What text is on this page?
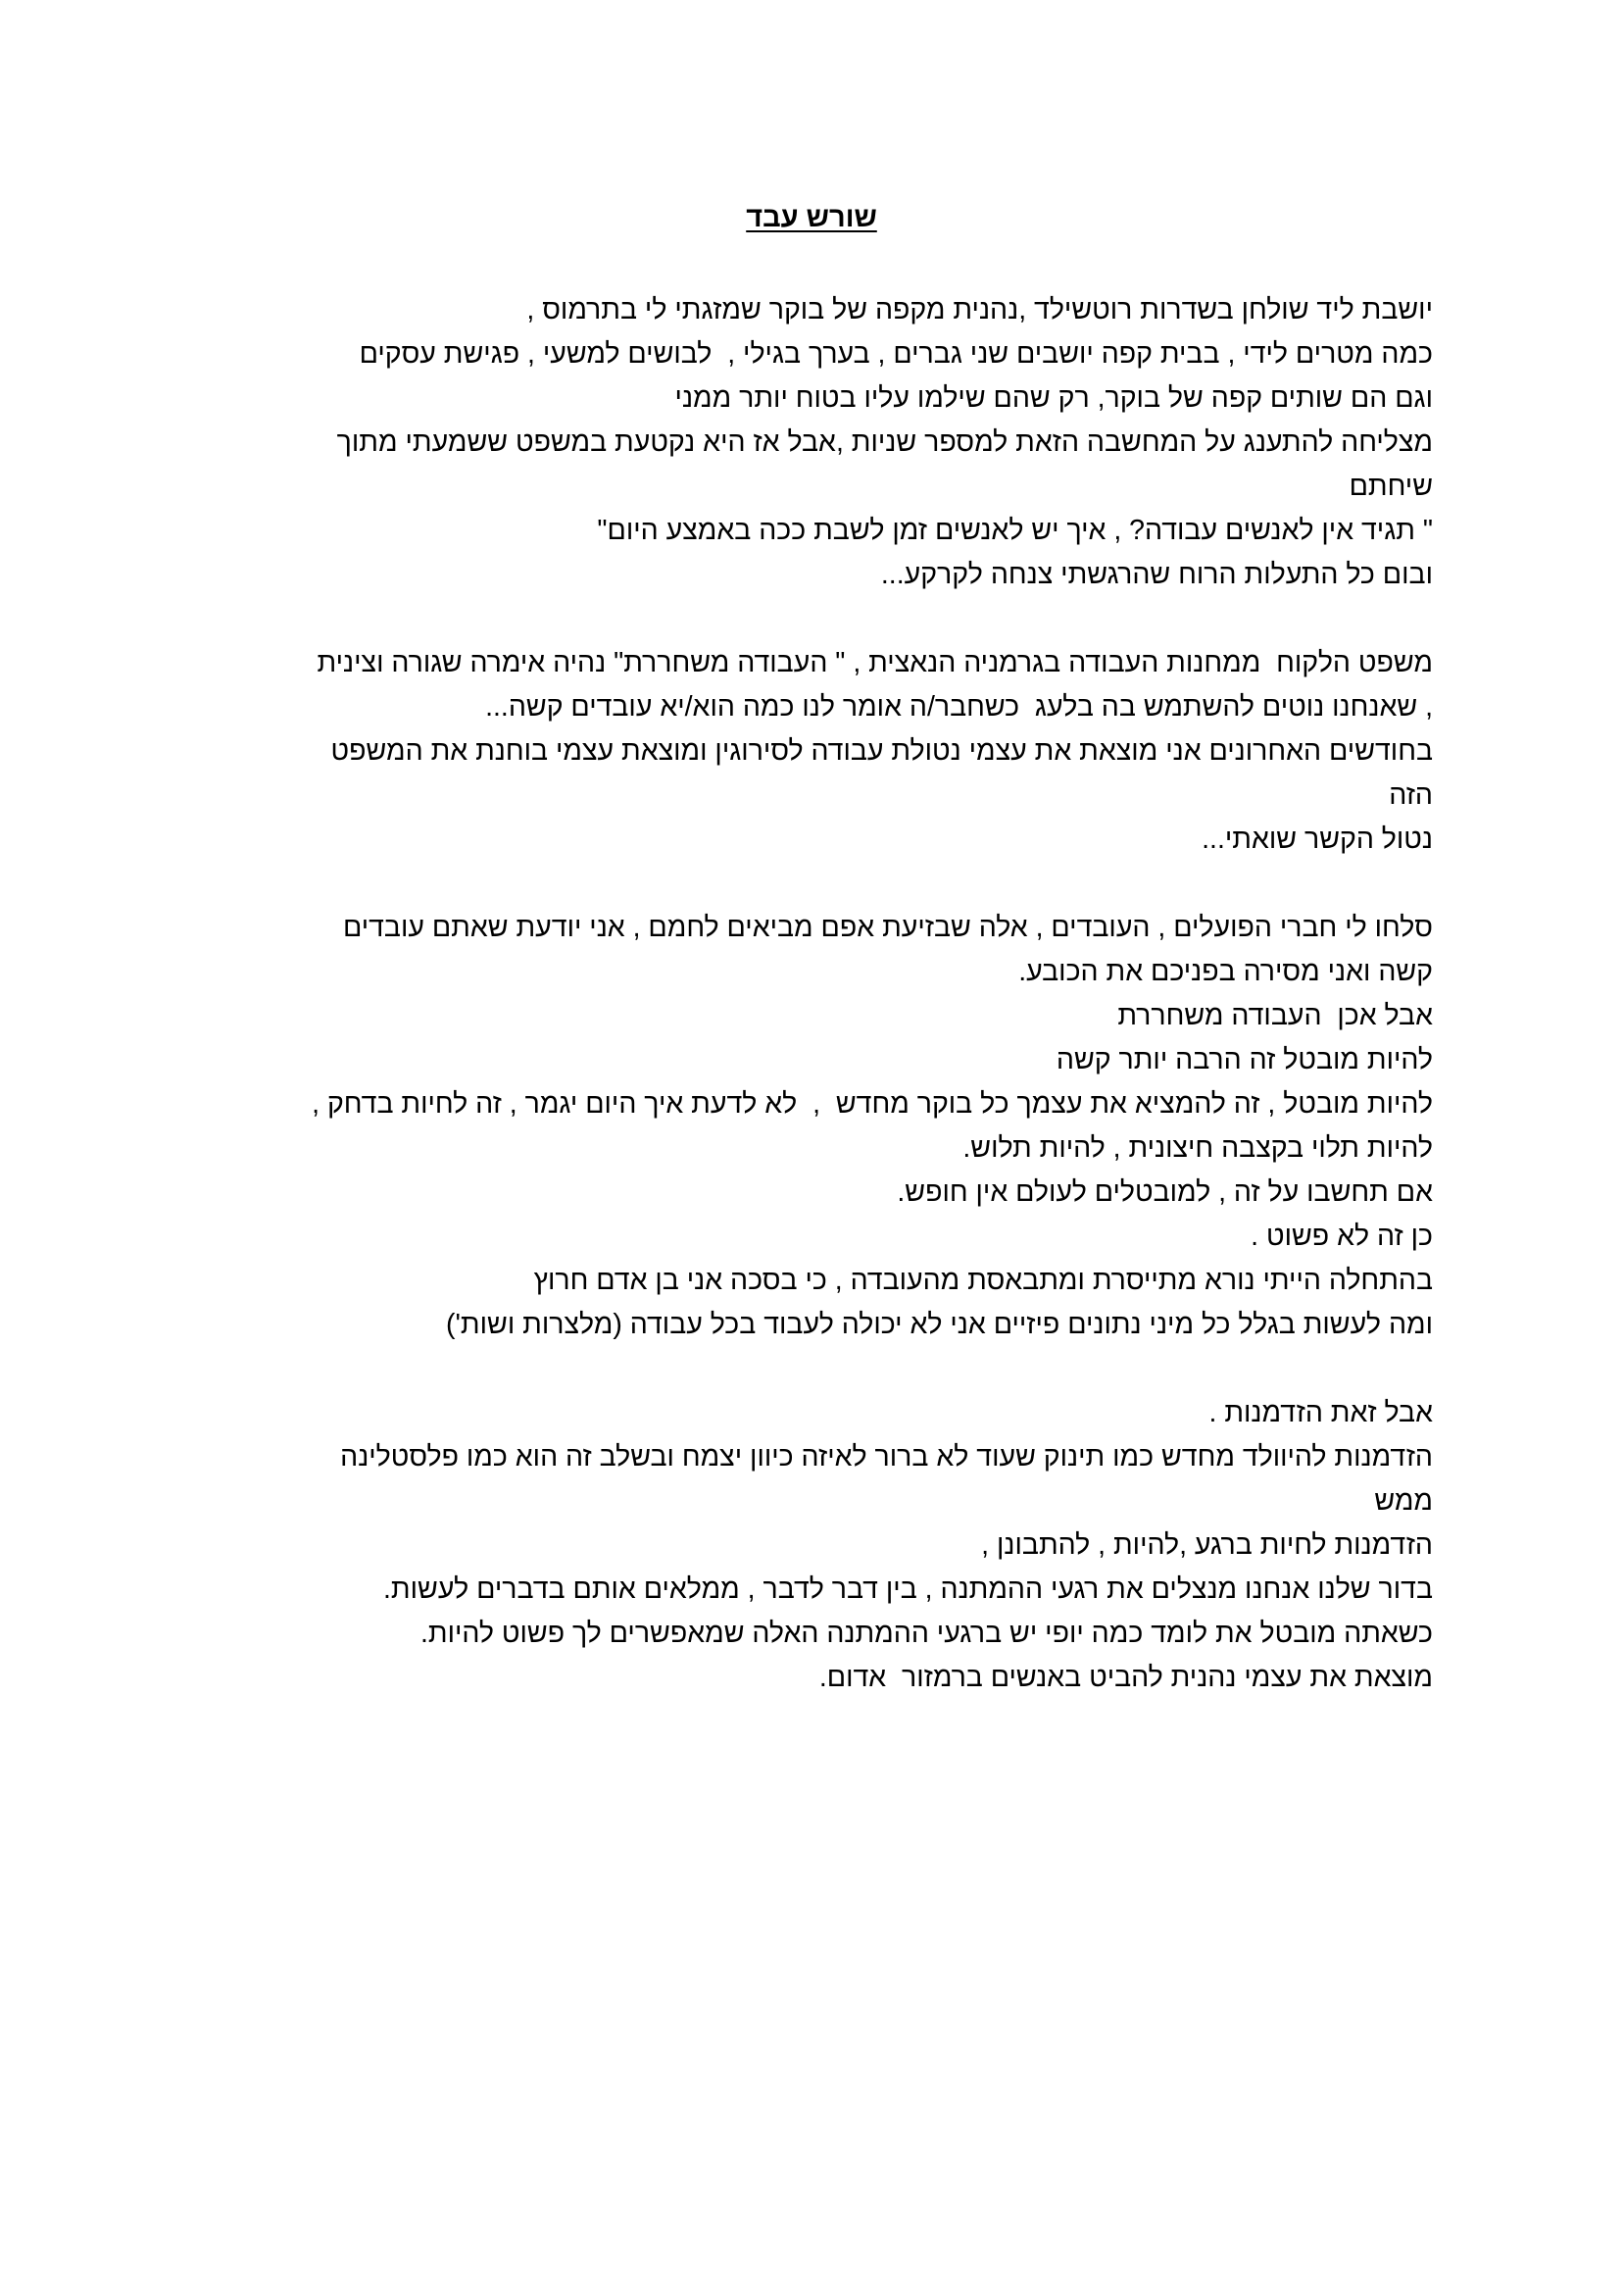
שורש עבד
יושבת ליד שולחן בשדרות רוטשילד ,נהנית מקפה של בוקר שמזגתי לי בתרמוס ,
כמה מטרים לידי , בבית קפה יושבים שני גברים , בערך בגילי ,  לבושים למשעי , פגישת עסקים
וגם הם שותים קפה של בוקר, רק שהם שילמו עליו בטוח יותר ממני
מצליחה להתענג על המחשבה הזאת למספר שניות ,אבל אז היא נקטעת במשפט ששמעתי מתוך
שיחתם
" תגיד אין לאנשים עבודה? , איך יש לאנשים זמן לשבת ככה באמצע היום"
ובום כל התעלות הרוח שהרגשתי צנחה לקרקע...
משפט הלקוח  ממחנות העבודה בגרמניה הנאצית , " העבודה משחררת" נהיה אימרה שגורה וצינית
, שאנחנו נוטים להשתמש בה בלעג  כשחבר/ה אומר לנו כמה הוא/יא עובדים קשה...
בחודשים האחרונים אני מוצאת את עצמי נטולת עבודה לסירוגין ומוצאת עצמי בוחנת את המשפט
הזה
נטול הקשר שואתי...
סלחו לי חברי הפועלים , העובדים , אלה שבזיעת אפם מביאים לחמם , אני יודעת שאתם עובדים
קשה ואני מסירה בפניכם את הכובע.
אבל אכן  העבודה משחררת
להיות מובטל זה הרבה יותר קשה
להיות מובטל , זה להמציא את עצמך כל בוקר מחדש  ,  לא לדעת איך היום יגמר , זה לחיות בדחק ,
להיות תלוי בקצבה חיצונית , להיות תלוש.
אם תחשבו על זה , למובטלים לעולם אין חופש.
כן זה לא פשוט .
בהתחלה הייתי נורא מתייסרת ומתבאסת מהעובדה , כי בסכה אני בן אדם חרוץ
ומה לעשות בגלל כל מיני נתונים פיזיים אני לא יכולה לעבוד בכל עבודה (מלצרות ושות')
אבל זאת הזדמנות .
הזדמנות להיוולד מחדש כמו תינוק שעוד לא ברור לאיזה כיוון יצמח ובשלב זה הוא כמו פלסטלינה
ממש
הזדמנות לחיות ברגע ,להיות , להתבונן ,
בדור שלנו אנחנו מנצלים את רגעי ההמתנה , בין דבר לדבר , ממלאים אותם בדברים לעשות.
כשאתה מובטל את לומד כמה יופי יש ברגעי ההמתנה האלה שמאפשרים לך פשוט להיות.
מוצאת את עצמי נהנית להביט באנשים ברמזור  אדום.
